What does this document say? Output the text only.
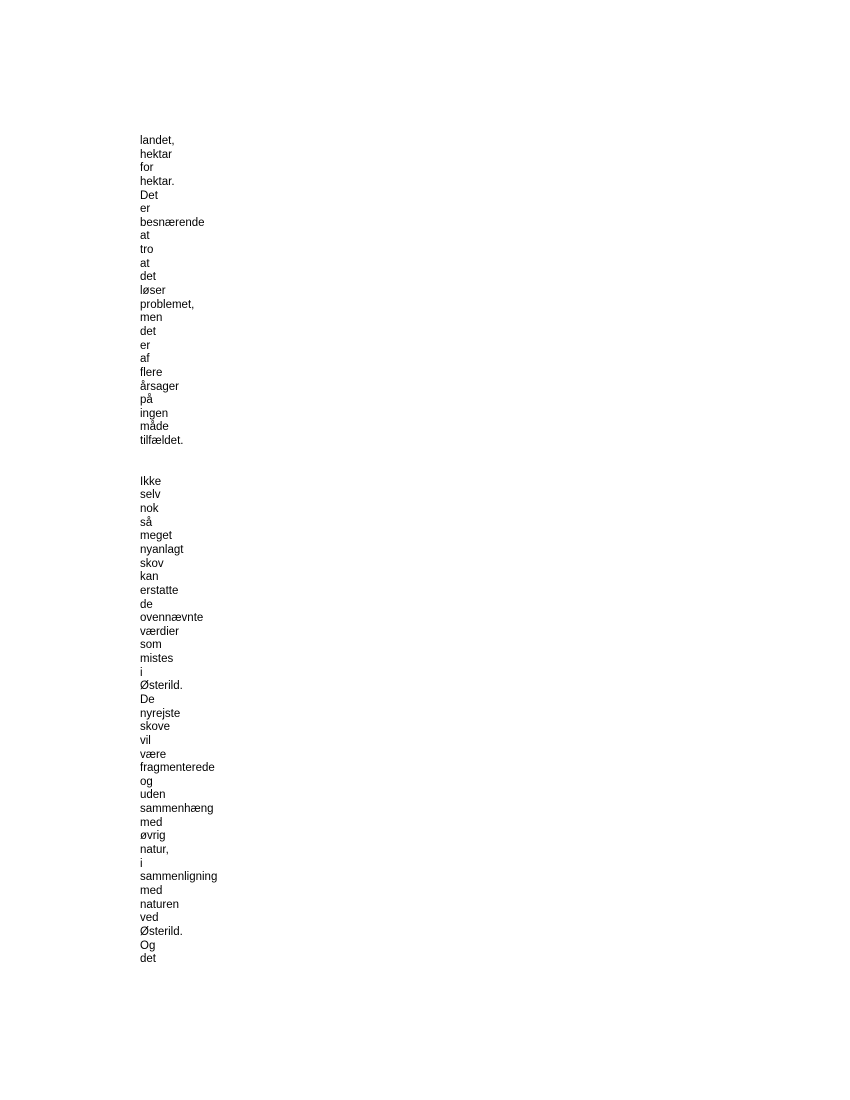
landet,
hektar
for
hektar.
Det
er
besnærende
at
tro
at
det
løser
problemet,
men
det
er
af
flere
årsager
på
ingen
måde
tilfældet.
Ikke
selv
nok
så
meget
nyanlagt
skov
kan
erstatte
de
ovennævnte
værdier
som
mistes
i
Østerild.
De
nyrejste
skove
vil
være
fragmenterede
og
uden
sammenhæng
med
øvrig
natur,
i
sammenligning
med
naturen
ved
Østerild.
Og
det
